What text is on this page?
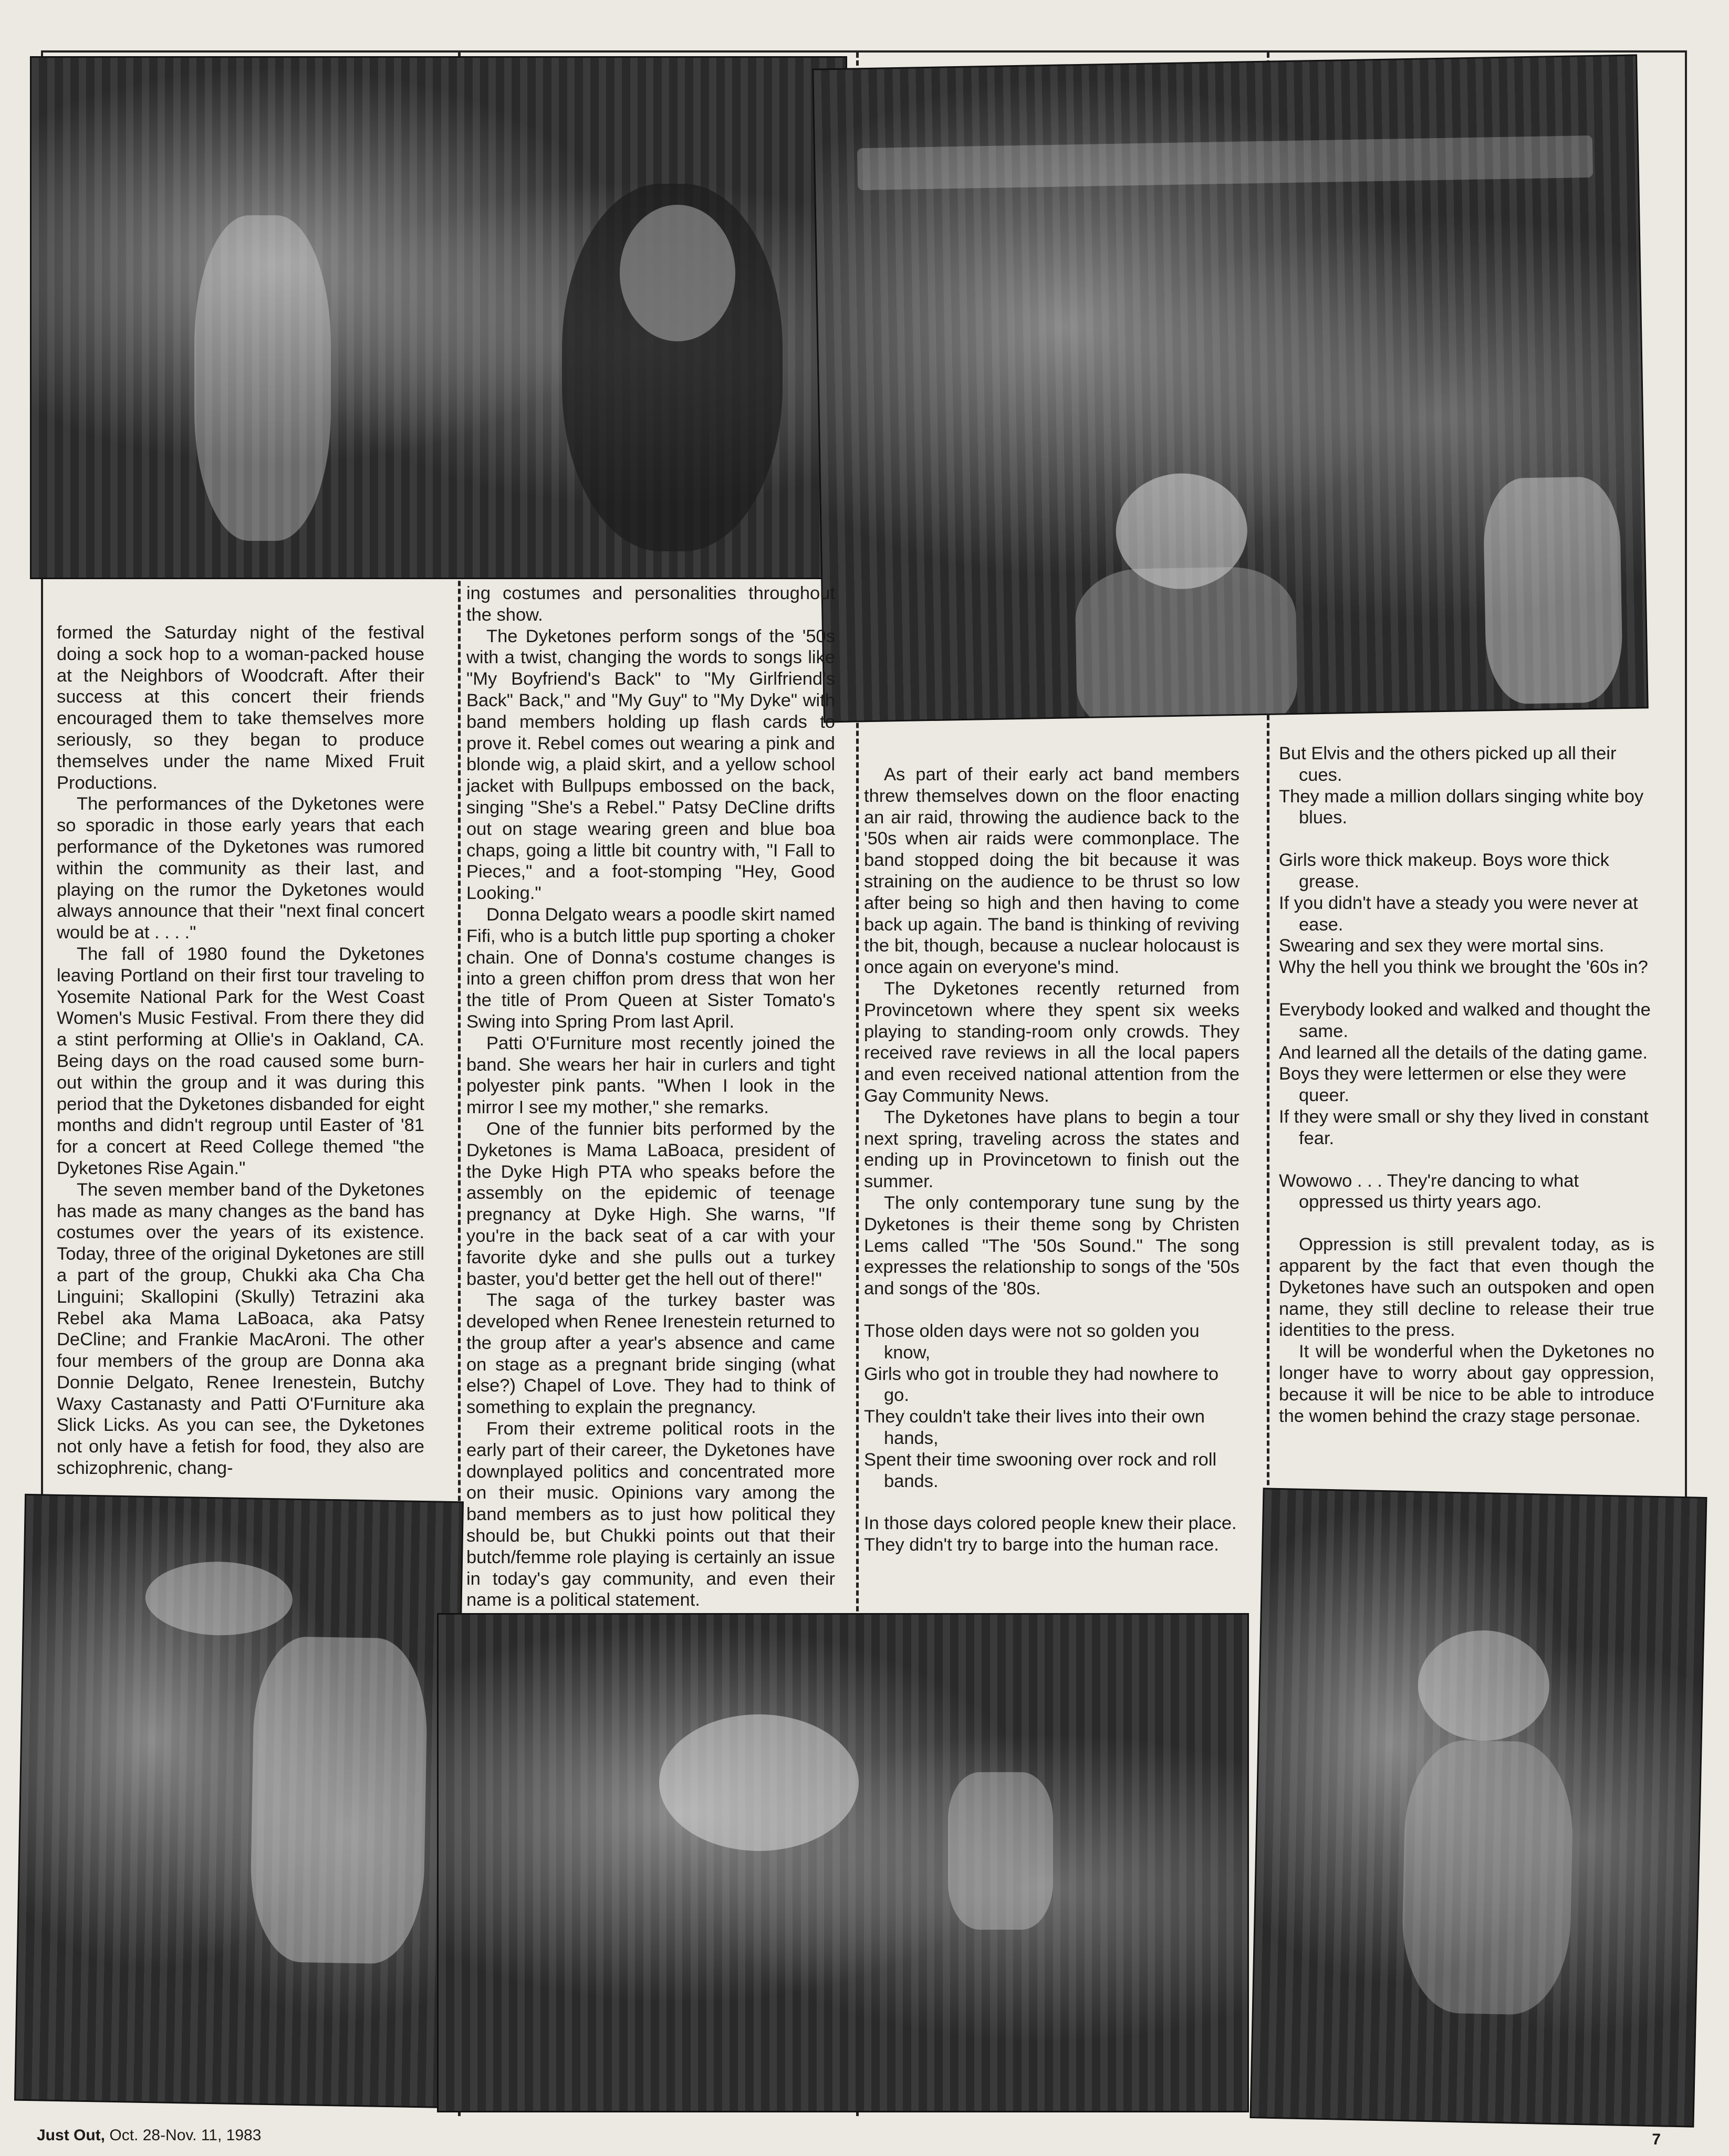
formed the Saturday night of the festival doing a sock hop to a woman-packed house at the Neighbors of Woodcraft. After their success at this concert their friends encouraged them to take themselves more seriously, so they began to produce themselves under the name Mixed Fruit Productions.

The performances of the Dyketones were so sporadic in those early years that each performance of the Dyketones was rumored within the community as their last, and playing on the rumor the Dyketones would always announce that their "next final concert would be at . . . ."

The fall of 1980 found the Dyketones leaving Portland on their first tour traveling to Yosemite National Park for the West Coast Women's Music Festival. From there they did a stint performing at Ollie's in Oakland, CA. Being days on the road caused some burn-out within the group and it was during this period that the Dyketones disbanded for eight months and didn't regroup until Easter of '81 for a concert at Reed College themed "the Dyketones Rise Again."

The seven member band of the Dyketones has made as many changes as the band has costumes over the years of its existence. Today, three of the original Dyketones are still a part of the group, Chukki aka Cha Cha Linguini; Skallopini (Skully) Tetrazini aka Rebel aka Mama LaBoaca, aka Patsy DeCline; and Frankie MacAroni. The other four members of the group are Donna aka Donnie Delgato, Renee Irenestein, Butchy Waxy Castanasty and Patti O'Furniture aka Slick Licks. As you can see, the Dyketones not only have a fetish for food, they also are schizophrenic, chang-

ing costumes and personalities throughout the show.

The Dyketones perform songs of the '50s with a twist, changing the words to songs like "My Boyfriend's Back" to "My Girlfriend's Back" Back," and "My Guy" to "My Dyke" with band members holding up flash cards to prove it. Rebel comes out wearing a pink and blonde wig, a plaid skirt, and a yellow school jacket with Bullpups embossed on the back, singing "She's a Rebel." Patsy DeCline drifts out on stage wearing green and blue boa chaps, going a little bit country with, "I Fall to Pieces," and a foot-stomping "Hey, Good Looking."

Donna Delgato wears a poodle skirt named Fifi, who is a butch little pup sporting a choker chain. One of Donna's costume changes is into a green chiffon prom dress that won her the title of Prom Queen at Sister Tomato's Swing into Spring Prom last April.

Patti O'Furniture most recently joined the band. She wears her hair in curlers and tight polyester pink pants. "When I look in the mirror I see my mother," she remarks.

One of the funnier bits performed by the Dyketones is Mama LaBoaca, president of the Dyke High PTA who speaks before the assembly on the epidemic of teenage pregnancy at Dyke High. She warns, "If you're in the back seat of a car with your favorite dyke and she pulls out a turkey baster, you'd better get the hell out of there!"

The saga of the turkey baster was developed when Renee Irenestein returned to the group after a year's absence and came on stage as a pregnant bride singing (what else?) Chapel of Love. They had to think of something to explain the pregnancy.

From their extreme political roots in the early part of their career, the Dyketones have downplayed politics and concentrated more on their music. Opinions vary among the band members as to just how political they should be, but Chukki points out that their butch/femme role playing is certainly an issue in today's gay community, and even their name is a political statement.

As part of their early act band members threw themselves down on the floor enacting an air raid, throwing the audience back to the '50s when air raids were commonplace. The band stopped doing the bit because it was straining on the audience to be thrust so low after being so high and then having to come back up again. The band is thinking of reviving the bit, though, because a nuclear holocaust is once again on everyone's mind.

The Dyketones recently returned from Provincetown where they spent six weeks playing to standing-room only crowds. They received rave reviews in all the local papers and even received national attention from the Gay Community News.

The Dyketones have plans to begin a tour next spring, traveling across the states and ending up in Provincetown to finish out the summer.

The only contemporary tune sung by the Dyketones is their theme song by Christen Lems called "The '50s Sound." The song expresses the relationship to songs of the '50s and songs of the '80s.

Those olden days were not so golden you know,
Girls who got in trouble they had nowhere to go.
They couldn't take their lives into their own hands,
Spent their time swooning over rock and roll bands.
In those days colored people knew their place.
They didn't try to barge into the human race.
But Elvis and the others picked up all their cues.
They made a million dollars singing white boy blues.
Girls wore thick makeup. Boys wore thick grease.
If you didn't have a steady you were never at ease.
Swearing and sex they were mortal sins.
Why the hell you think we brought the '60s in?
Everybody looked and walked and thought the same.
And learned all the details of the dating game.
Boys they were lettermen or else they were queer.
If they were small or shy they lived in constant fear.
Wowowo . . . They're dancing to what oppressed us thirty years ago.

Oppression is still prevalent today, as is apparent by the fact that even though the Dyketones have such an outspoken and open name, they still decline to release their true identities to the press.

It will be wonderful when the Dyketones no longer have to worry about gay oppression, because it will be nice to be able to introduce the women behind the crazy stage personae.

Just Out, Oct. 28-Nov. 11, 1983	7
